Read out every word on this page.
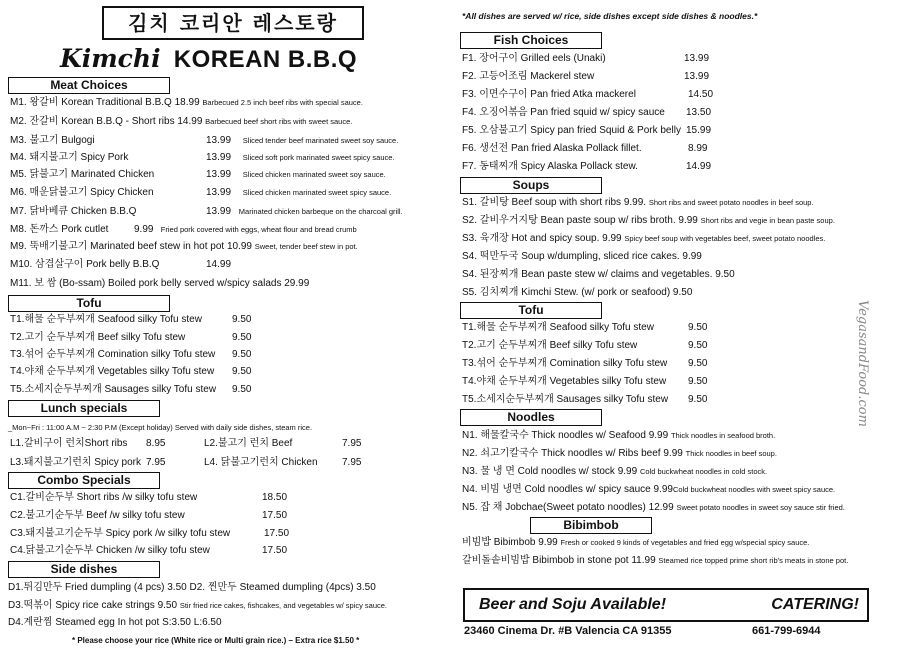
김치 코리안 레스토랑
Kimchi KOREAN B.B.Q
Meat Choices
M1. 왕갈비 Korean Traditional B.B.Q 18.99 Barbecued 2.5 inch beef ribs with special sauce.
M2. 잔갈비 Korean B.B.Q - Short ribs 14.99 Barbecued beef short ribs with sweet sauce.
M3. 불고기 Bulgogi	13.99 Sliced tender beef marinated sweet soy sauce.
M4. 돼지불고기 Spicy Pork	13.99 Sliced soft pork marinated sweet spicy sauce.
M5. 닭불고기 Marinated Chicken	13.99 Sliced chicken marinated sweet soy sauce.
M6. 매운닭불고기 Spicy Chicken	13.99 Sliced chicken marinated sweet spicy sauce.
M7. 닭바베큐 Chicken B.B.Q	13.99 Marinated chicken barbeque on the charcoal grill.
M8. 돈까스 Pork cutlet	9.99 Fried pork covered with eggs, wheat flour and bread crumb
M9. 뚝배기불고기 Marinated beef stew in hot pot 10.99 Sweet, tender beef stew in pot.
M10. 삼겹살구이 Pork belly B.B.Q	14.99
M11. 보 쌈 (Bo-ssam) Boiled pork belly served w/spicy salads 29.99
Tofu
T1.해물 순두부찌개 Seafood silky Tofu stew	9.50
T2.고기 순두부찌개 Beef silky Tofu stew	9.50
T3.섞어 순두부찌개 Comination silky Tofu stew 9.50
T4.야채 순두부찌개 Vegetables silky Tofu stew 9.50
T5.소세지순두부찌개 Sausages silky Tofu stew 9.50
Lunch specials
_Mon~Fri : 11:00 A.M ~ 2:30 P.M (Except holiday) Served with daily side dishes, steam rice.
L1.갈비구이 런치Short ribs 8.95	L2.불고기 런치 Beef	7.95
L3.돼지불고기런치 Spicy pork 7.95	L4. 닭불고기런치 Chicken 7.95
Combo Specials
C1.갈비순두부 Short ribs /w silky tofu stew	18.50
C2.불고기순두부 Beef /w silky tofu stew	17.50
C3.돼지불고기순두부 Spicy pork /w silky tofu stew	17.50
C4.닭불고기순두부 Chicken /w silky tofu stew	17.50
Side dishes
D1.튀김만두 Fried dumpling (4 pcs) 3.50 D2. 찐만두 Steamed dumpling (4pcs) 3.50
D3.떡볶이 Spicy rice cake strings 9.50 Stir fried rice cakes, fishcakes, and vegetables w/ spicy sauce.
D4.계란찜 Steamed egg In hot pot S:3.50 L:6.50
* Please choose your rice (White rice or Multi grain rice.) – Extra rice $1.50 *
*All dishes are served w/ rice, side dishes except side dishes & noodles.*
Fish Choices
F1. 장어구이 Grilled eels (Unaki)	13.99
F2. 고등어조림 Mackerel stew	13.99
F3. 이면수구이 Pan fried Atka mackerel	14.50
F4. 오징어볶음 Pan fried squid w/ spicy sauce 13.50
F5. 오삼불고기 Spicy pan fried Squid & Pork belly 15.99
F6. 생선전 Pan fried Alaska Pollack fillet.	8.99
F7. 동태찌개 Spicy Alaska Pollack stew.	14.99
Soups
S1. 갈비탕 Beef soup with short ribs 9.99. Short ribs and sweet potato noodles in beef soup.
S2. 갈비우거지탕 Bean paste soup w/ ribs broth. 9.99 Short ribs and vegie in bean paste soup.
S3. 육개장 Hot and spicy soup. 9.99 Spicy beef soup with vegetables beef, sweet potato noodles.
S4. 떡만두국 Soup w/dumpling, sliced rice cakes. 9.99
S4. 된장찌개 Bean paste stew w/ claims and vegetables. 9.50
S5. 김치찌개 Kimchi Stew. (w/ pork or seafood) 9.50
Tofu
T1.해물 순두부찌개 Seafood silky Tofu stew	9.50
T2.고기 순두부찌개 Beef silky Tofu stew	9.50
T3.섞어 순두부찌개 Comination silky Tofu stew 9.50
T4.야채 순두부찌개 Vegetables silky Tofu stew 9.50
T5.소세지순두부찌개 Sausages silky Tofu stew 9.50
Noodles
N1. 해물칼국수 Thick noodles w/ Seafood 9.99 Thick noodles in seafood broth.
N2. 쇠고기칼국수 Thick noodles w/ Ribs beef 9.99 Thick noodles in beef soup.
N3. 물 냉 면 Cold noodles w/ stock 9.99 Cold buckwheat noodles in cold stock.
N4. 비빔 냉면 Cold noodles w/ spicy sauce 9.99Cold buckwheat noodles with sweet spicy sauce.
N5. 잡 채 Jobchae(Sweet potato noodles) 12.99 Sweet potato noodles in sweet soy sauce stir fried.
Bibimbob
비빔밥 Bibimbob 9.99 Fresh or cooked 9 kinds of vegetables and fried egg w/special spicy sauce.
갈비돌솥비빔밥 Bibimbob in stone pot 11.99 Steamed rice topped prime short rib's meats in stone pot.
Beer and Soju Available!	CATERING!
23460 Cinema Dr. #B Valencia CA 91355	661-799-6944
VegasandFood.com
